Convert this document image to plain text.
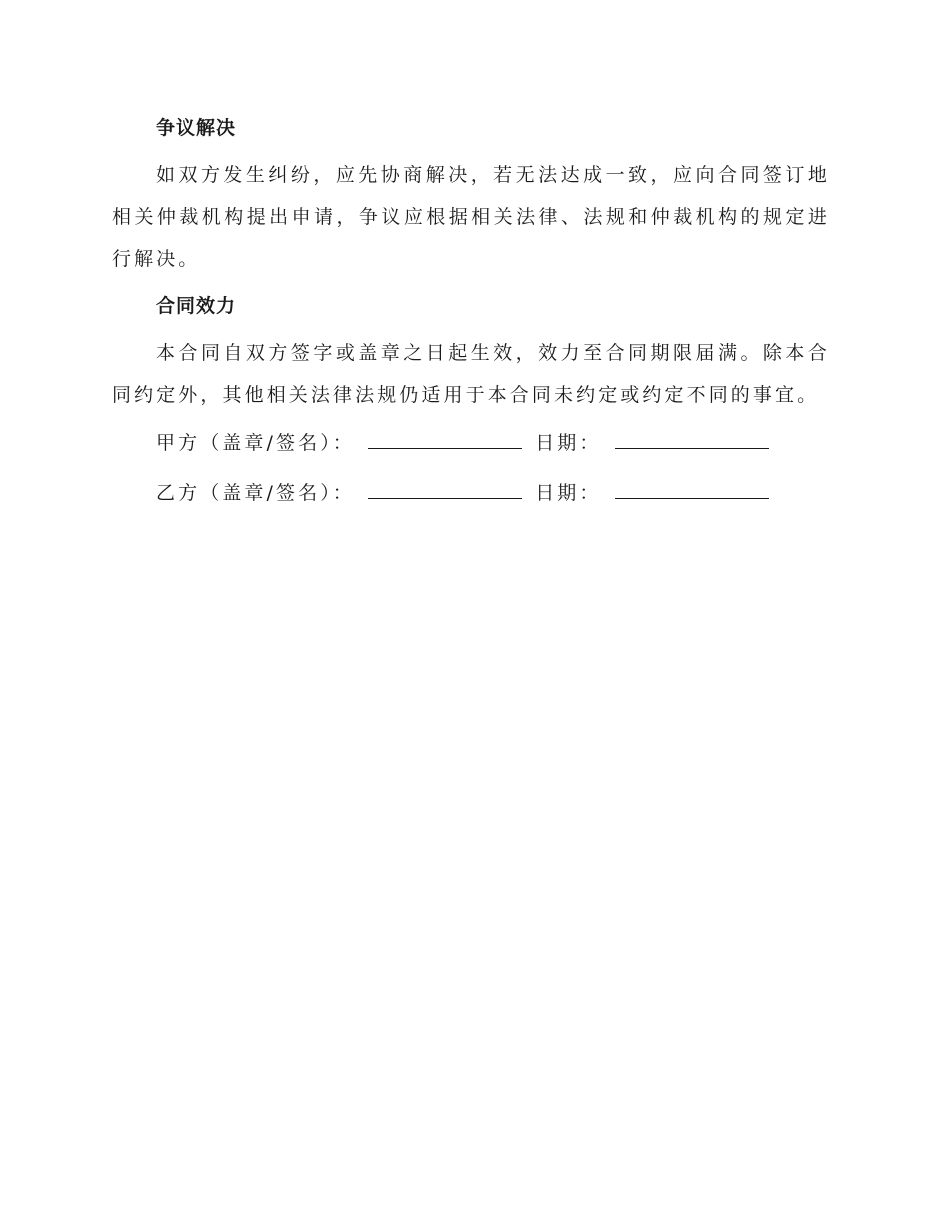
争议解决

如双方发生纠纷，应先协商解决，若无法达成一致，应向合同签订地相关仲裁机构提出申请，争议应根据相关法律、法规和仲裁机构的规定进行解决。

合同效力

本合同自双方签字或盖章之日起生效，效力至合同期限届满。除本合同约定外，其他相关法律法规仍适用于本合同未约定或约定不同的事宜。

甲方（盖章/签名）：	日期：
乙方（盖章/签名）：	日期：
